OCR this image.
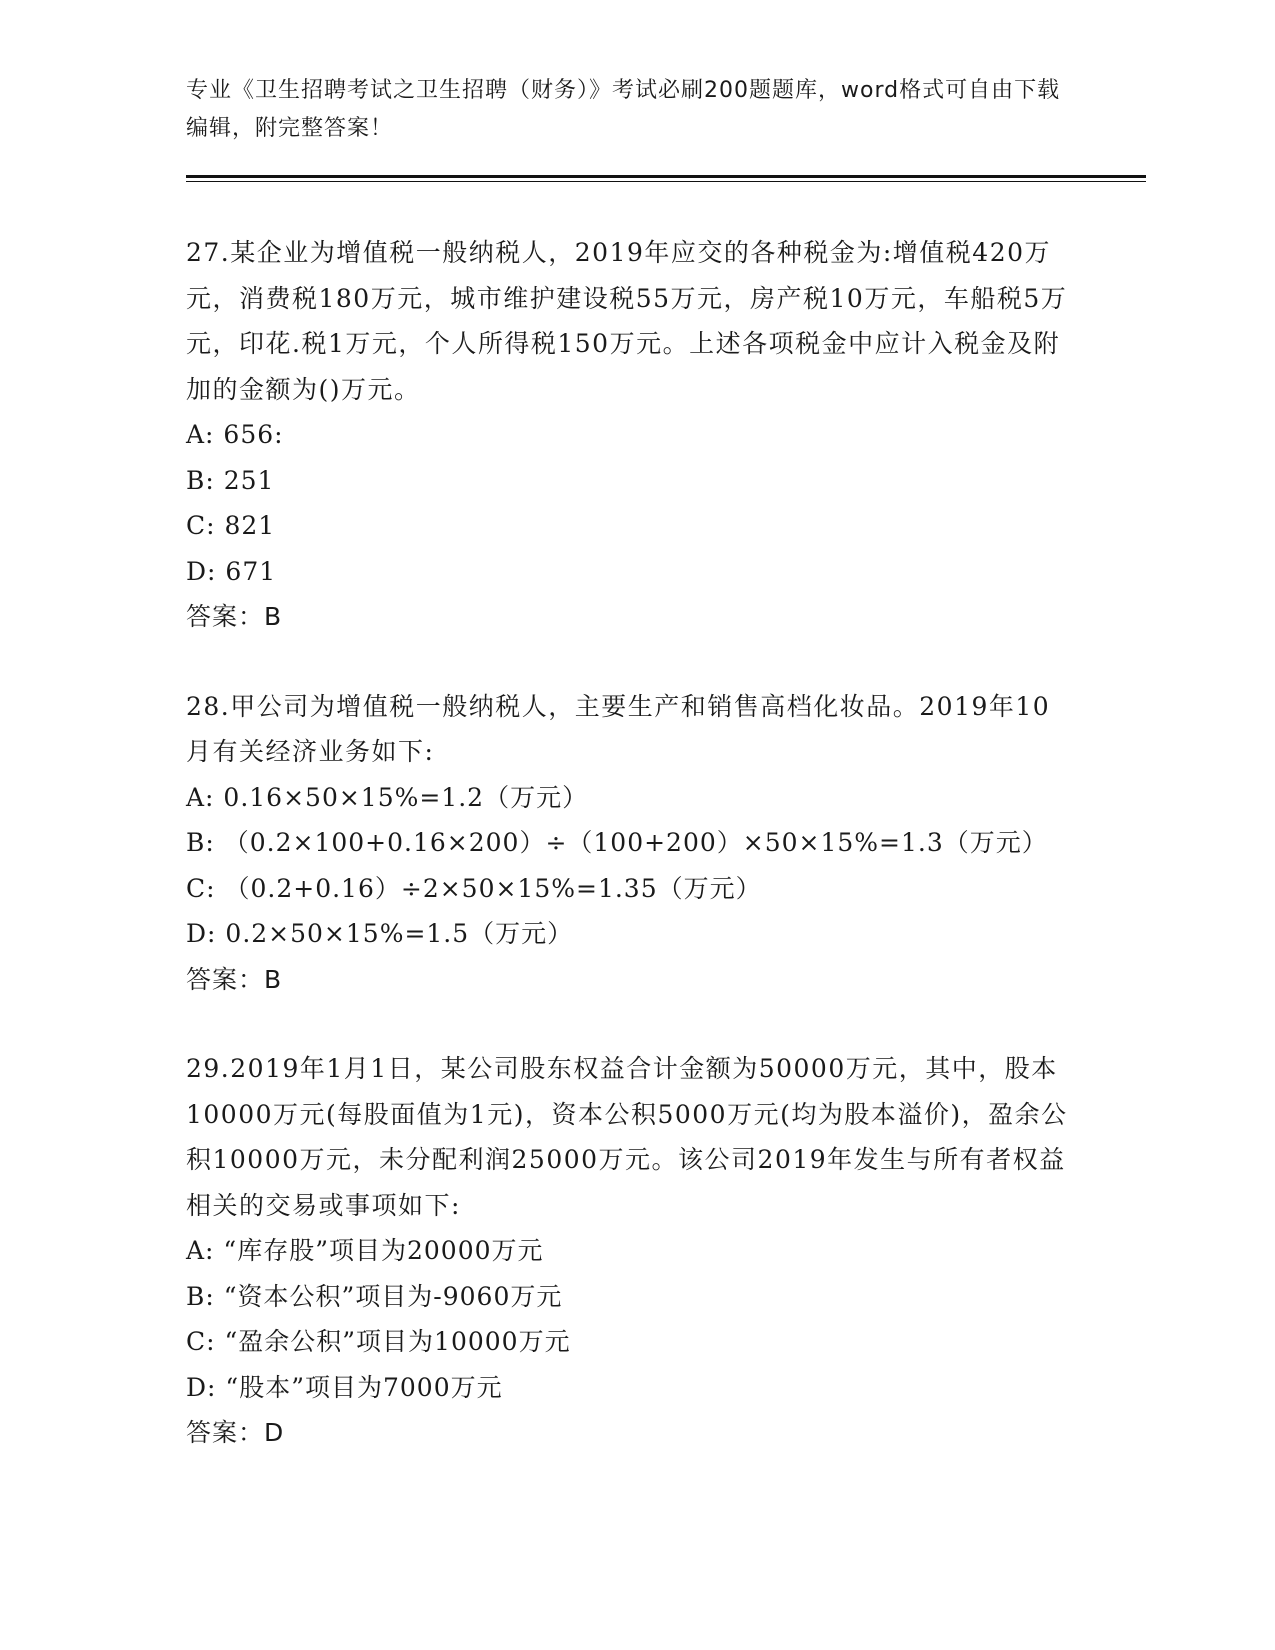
专业《卫生招聘考试之卫生招聘（财务）》考试必刷200题题库，word格式可自由下载编辑，附完整答案！

27.某企业为增值税一般纳税人，2019年应交的各种税金为:增值税420万元，消费税180万元，城市维护建设税55万元，房产税10万元，车船税5万元，印花.税1万元，个人所得税150万元。上述各项税金中应计入税金及附加的金额为()万元。

A: 656:

B: 251

C: 821

D: 671

答案：B

28.甲公司为增值税一般纳税人，主要生产和销售高档化妆品。2019年10月有关经济业务如下:

A: 0.16×50×15%=1.2（万元）

B: （0.2×100+0.16×200）÷（100+200）×50×15%=1.3（万元）

C: （0.2+0.16）÷2×50×15%=1.35（万元）

D: 0.2×50×15%=1.5（万元）

答案：B

29.2019年1月1日，某公司股东权益合计金额为50000万元，其中，股本10000万元(每股面值为1元)，资本公积5000万元(均为股本溢价)，盈余公积10000万元，未分配利润25000万元。该公司2019年发生与所有者权益相关的交易或事项如下:

A: “库存股”项目为20000万元

B: “资本公积”项目为-9060万元

C: “盈余公积”项目为10000万元

D: “股本”项目为7000万元

答案：D
